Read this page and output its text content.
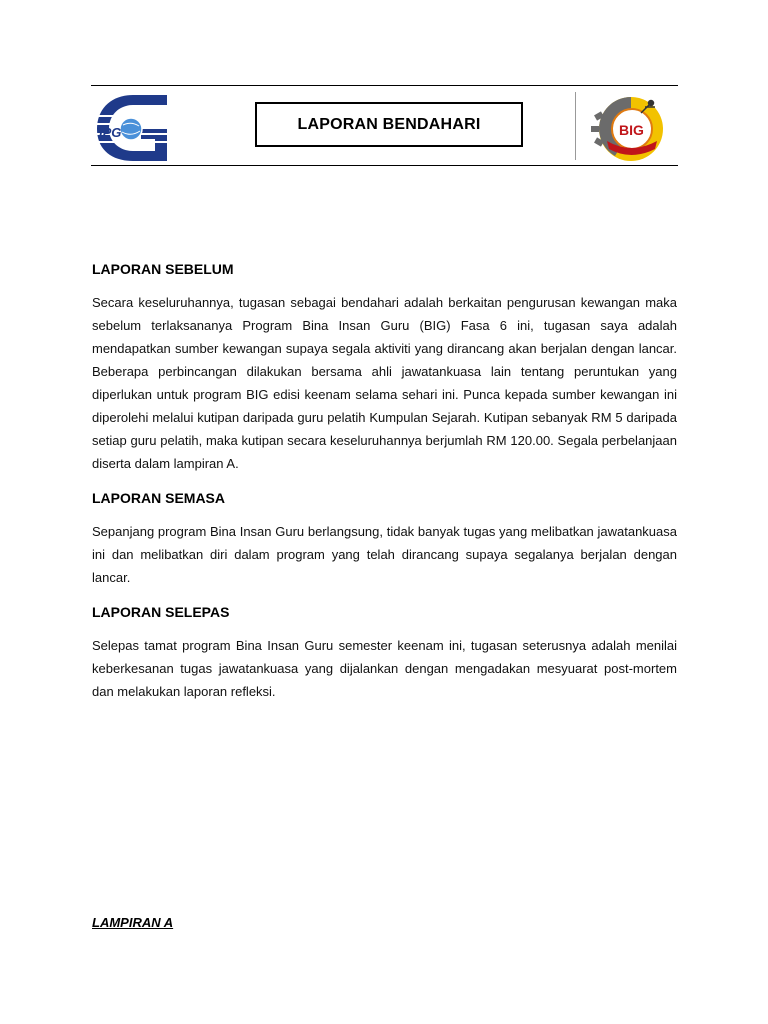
IPG	LAPORAN BENDAHARI	BIG
LAPORAN SEBELUM

Secara keseluruhannya, tugasan sebagai bendahari adalah berkaitan pengurusan kewangan maka sebelum terlaksananya Program Bina Insan Guru (BIG) Fasa 6 ini, tugasan saya adalah mendapatkan sumber kewangan supaya segala aktiviti yang dirancang akan berjalan dengan lancar. Beberapa perbincangan dilakukan bersama ahli jawatankuasa lain tentang peruntukan yang diperlukan untuk program BIG edisi keenam selama sehari ini. Punca kepada sumber kewangan ini diperolehi melalui kutipan daripada guru pelatih Kumpulan Sejarah. Kutipan sebanyak RM 5 daripada setiap guru pelatih, maka kutipan secara keseluruhannya berjumlah RM 120.00. Segala perbelanjaan diserta dalam lampiran A.

LAPORAN SEMASA

Sepanjang program Bina Insan Guru berlangsung, tidak banyak tugas yang melibatkan jawatankuasa ini dan melibatkan diri dalam program yang telah dirancang supaya segalanya berjalan dengan lancar.

LAPORAN SELEPAS

Selepas tamat program Bina Insan Guru semester keenam ini, tugasan seterusnya adalah menilai keberkesanan tugas jawatankuasa yang dijalankan dengan mengadakan mesyuarat post-mortem dan melakukan laporan refleksi.

LAMPIRAN A
